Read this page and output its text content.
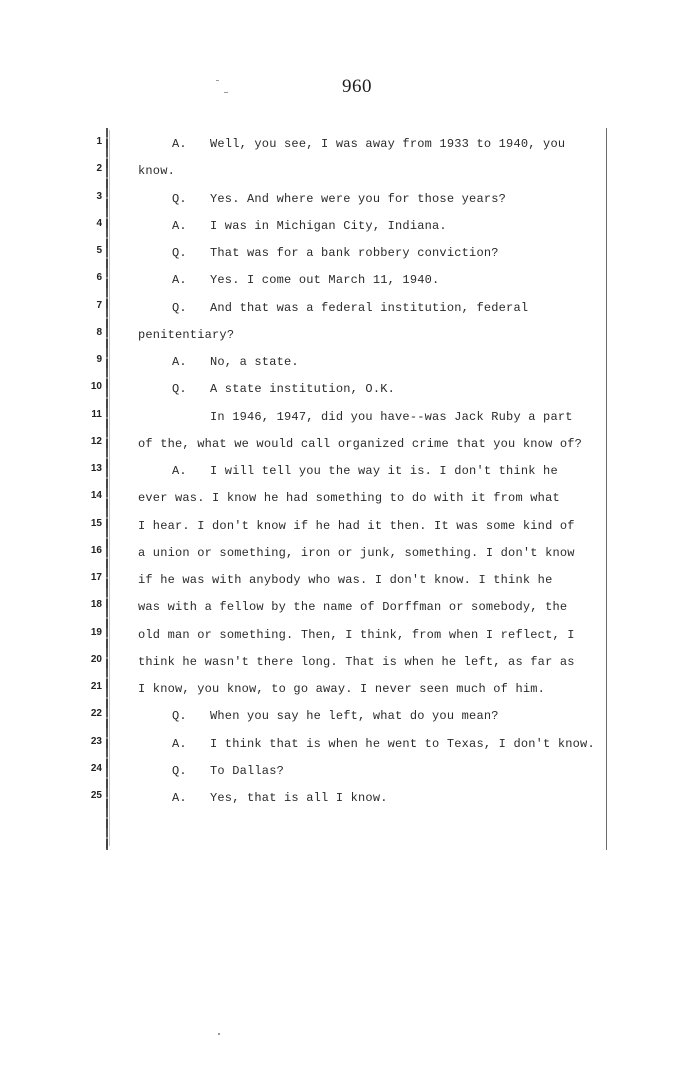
960
1
2
3
4
5
6
7
8
9
10
11
12
13
14
15
16
17
18
19
20
21
22
23
24
25
A. Well, you see, I was away from 1933 to 1940, you
know.
Q. Yes. And where were you for those years?
A. I was in Michigan City, Indiana.
Q. That was for a bank robbery conviction?
A. Yes. I come out March 11, 1940.
Q. And that was a federal institution, federal
penitentiary?
A. No, a state.
Q. A state institution, O.K.
In 1946, 1947, did you have--was Jack Ruby a part
of the, what we would call organized crime that you know of?
A. I will tell you the way it is. I don't think he
ever was. I know he had something to do with it from what
I hear. I don't know if he had it then. It was some kind of
a union or something, iron or junk, something. I don't know
if he was with anybody who was. I don't know. I think he
was with a fellow by the name of Dorffman or somebody, the
old man or something. Then, I think, from when I reflect, I
think he wasn't there long. That is when he left, as far as
I know, you know, to go away. I never seen much of him.
Q. When you say he left, what do you mean?
A. I think that is when he went to Texas, I don't know.
Q. To Dallas?
A. Yes, that is all I know.
